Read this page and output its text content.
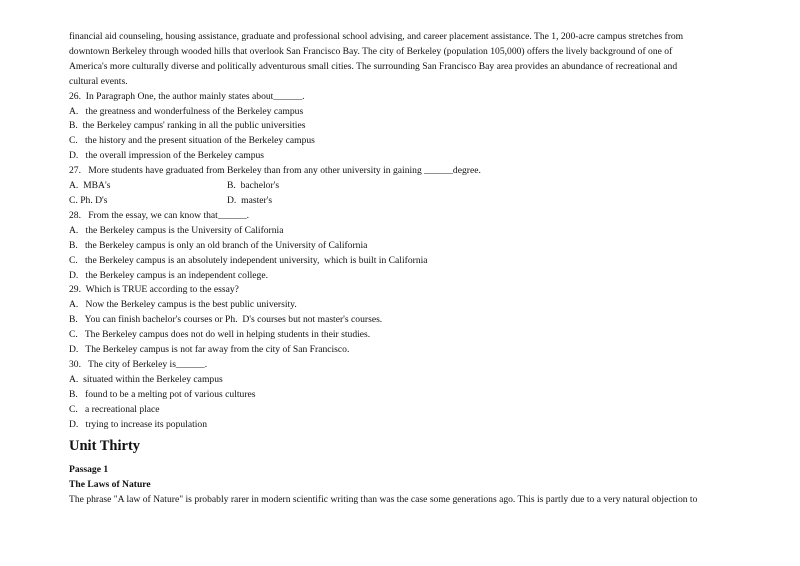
financial aid counseling, housing assistance, graduate and professional school advising, and career placement assistance. The 1, 200-acre campus stretches from
downtown Berkeley through wooded hills that overlook San Francisco Bay. The city of Berkeley (population 105,000) offers the lively background of one of
America's more culturally diverse and politically adventurous small cities. The surrounding San Francisco Bay area provides an abundance of recreational and
cultural events.
26.  In Paragraph One, the author mainly states about______.
A.   the greatness and wonderfulness of the Berkeley campus
B.  the Berkeley campus' ranking in all the public universities
C.   the history and the present situation of the Berkeley campus
D.   the overall impression of the Berkeley campus
27.   More students have graduated from Berkeley than from any other university in gaining ______degree.
A.  MBA's	B.  bachelor's
C. Ph. D's	D.  master's
28.   From the essay, we can know that______.
A.   the Berkeley campus is the University of California
B.   the Berkeley campus is only an old branch of the University of California
C.   the Berkeley campus is an absolutely independent university,  which is built in California
D.   the Berkeley campus is an independent college.
29.  Which is TRUE according to the essay?
A.   Now the Berkeley campus is the best public university.
B.   You can finish bachelor's courses or Ph.  D's courses but not master's courses.
C.   The Berkeley campus does not do well in helping students in their studies.
D.   The Berkeley campus is not far away from the city of San Francisco.
30.   The city of Berkeley is______.
A.  situated within the Berkeley campus
B.   found to be a melting pot of various cultures
C.   a recreational place
D.   trying to increase its population
Unit Thirty
Passage 1
The Laws of Nature
The phrase "A law of Nature" is probably rarer in modern scientific writing than was the case some generations ago. This is partly due to a very natural objection to
